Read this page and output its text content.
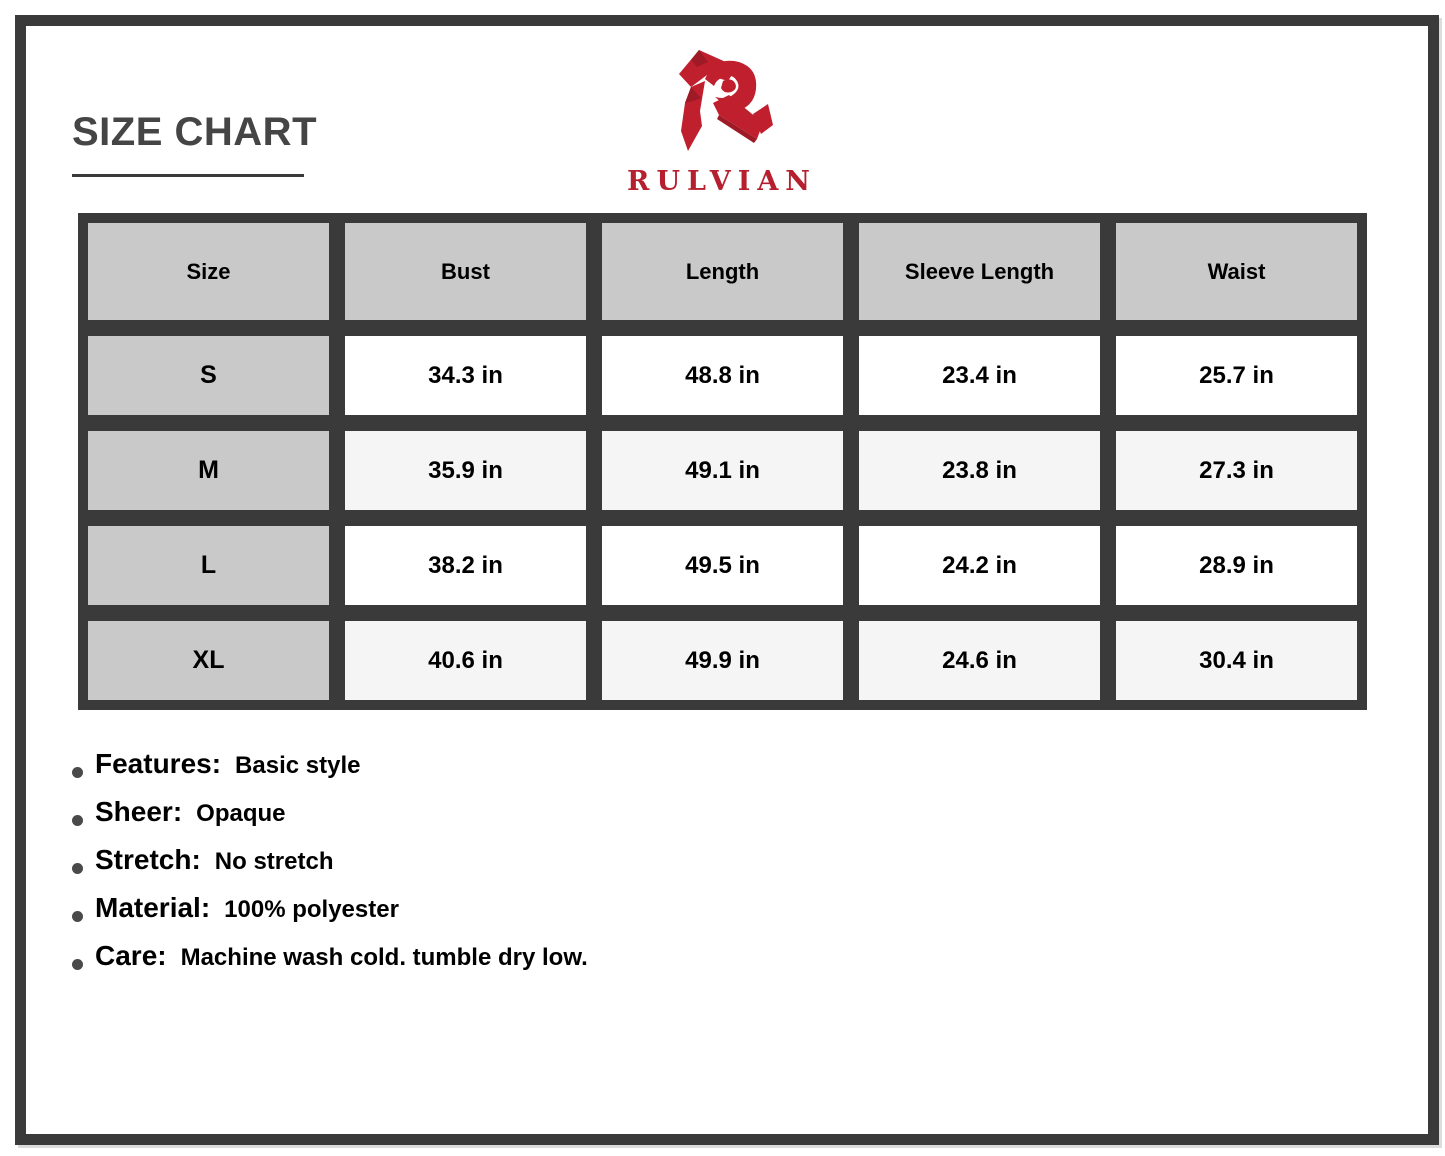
SIZE CHART
RULVIAN
Size	Bust	Length	Sleeve Length	Waist
S	34.3 in	48.8 in	23.4 in	25.7 in
M	35.9 in	49.1 in	23.8 in	27.3 in
L	38.2 in	49.5 in	24.2 in	28.9 in
XL	40.6 in	49.9 in	24.6 in	30.4 in
Features: Basic style
Sheer: Opaque
Stretch: No stretch
Material: 100% polyester
Care: Machine wash cold. tumble dry low.
